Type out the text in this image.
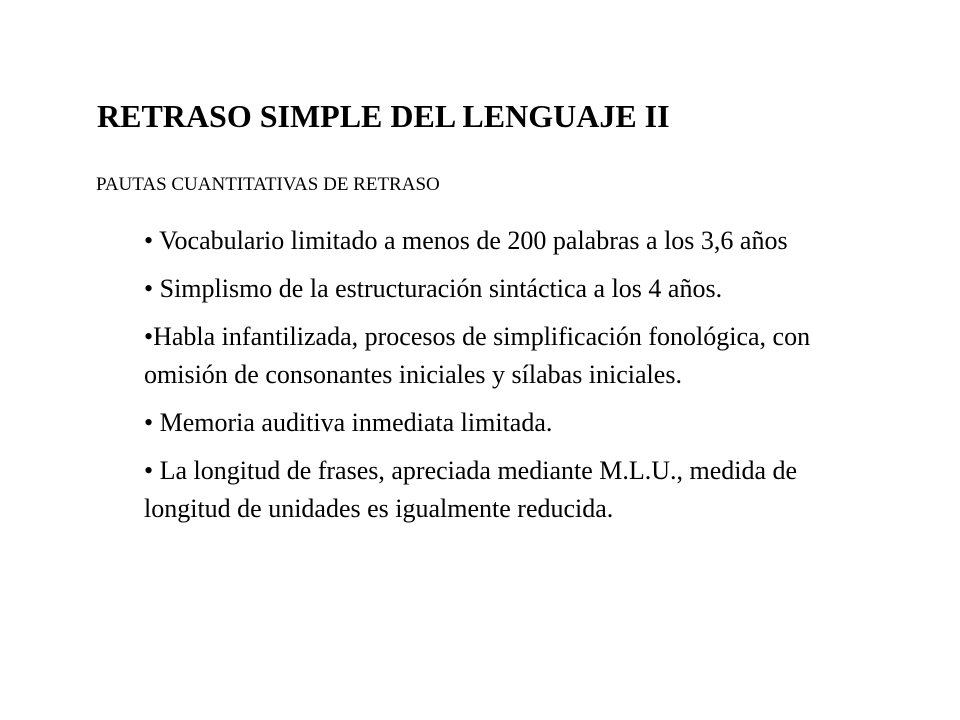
RETRASO SIMPLE DEL LENGUAJE II

PAUTAS CUANTITATIVAS DE RETRASO

• Vocabulario limitado a menos de 200 palabras a los 3,6 años
• Simplismo de la estructuración sintáctica a los 4 años.
•Habla infantilizada, procesos de simplificación fonológica, con omisión de consonantes iniciales y sílabas iniciales.
• Memoria auditiva inmediata limitada.
• La longitud de frases, apreciada mediante M.L.U., medida de longitud de unidades es igualmente reducida.
